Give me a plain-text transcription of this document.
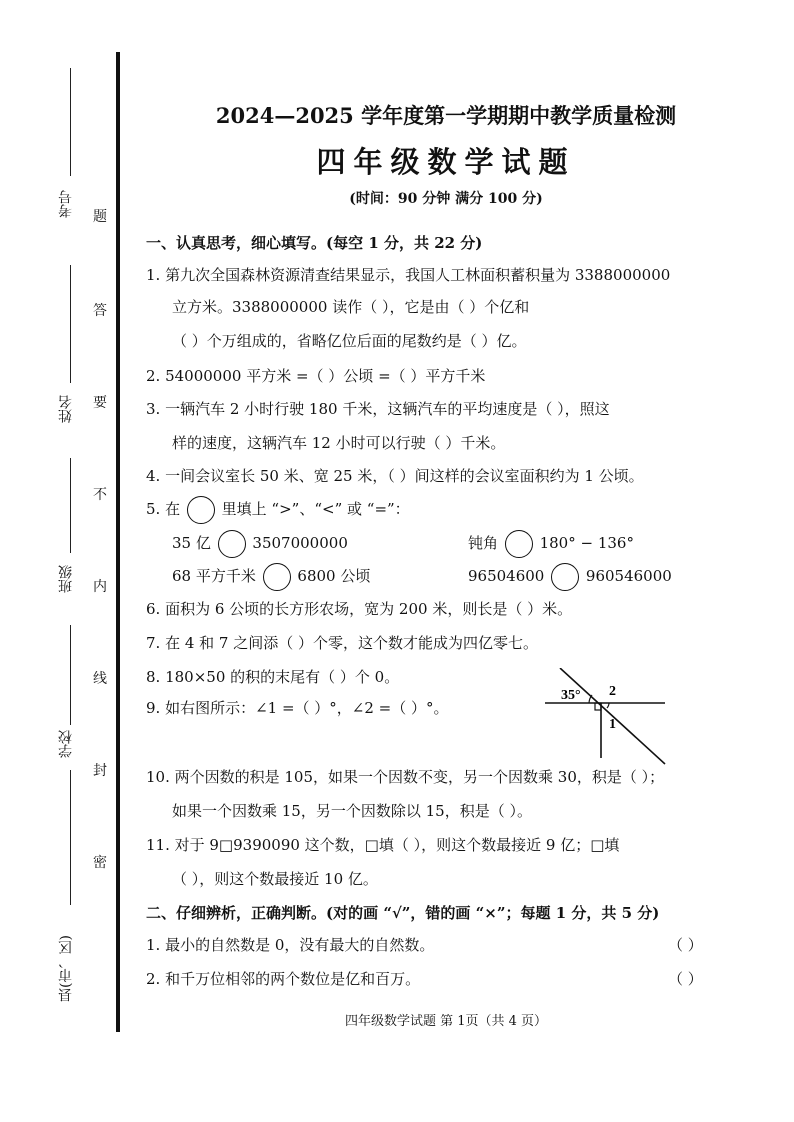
考号
姓名
班级
学校
县(市、区)
题
答
要
不
内
线
封
密
2024—2025 学年度第一学期期中教学质量检测
四年级数学试题
(时间：90 分钟 满分 100 分)
一、认真思考，细心填写。(每空 1 分，共 22 分)
1. 第九次全国森林资源清查结果显示，我国人工林面积蓄积量为 3388000000
立方米。3388000000 读作（ ），它是由（ ）个亿和
（ ）个万组成的，省略亿位后面的尾数约是（ ）亿。
2. 54000000 平方米 =（ ）公顷 =（ ）平方千米
3. 一辆汽车 2 小时行驶 180 千米，这辆汽车的平均速度是（ ），照这
样的速度，这辆汽车 12 小时可以行驶（ ）千米。
4. 一间会议室长 50 米、宽 25 米，（ ）间这样的会议室面积约为 1 公顷。
5. 在	里填上 “>”、“<” 或 “=”：
35 亿	3507000000	钝角	180° − 136°
68 平方千米	6800 公顷	96504600	960546000
6. 面积为 6 公顷的长方形农场，宽为 200 米，则长是（ ）米。
7. 在 4 和 7 之间添（ ）个零，这个数才能成为四亿零七。
8. 180×50 的积的末尾有（ ）个 0。
9. 如右图所示：∠1 =（ ）°，∠2 =（ ）°。
35° 2
1
10. 两个因数的积是 105，如果一个因数不变，另一个因数乘 30，积是（ ）；
如果一个因数乘 15，另一个因数除以 15，积是（ ）。
11. 对于 9□9390090 这个数，□填（ ），则这个数最接近 9 亿；□填
（ ），则这个数最接近 10 亿。
二、仔细辨析，正确判断。(对的画 “√”，错的画 “×”；每题 1 分，共 5 分)
1. 最小的自然数是 0，没有最大的自然数。	（ ）
2. 和千万位相邻的两个数位是亿和百万。	（ ）
四年级数学试题 第 1页（共 4 页）
